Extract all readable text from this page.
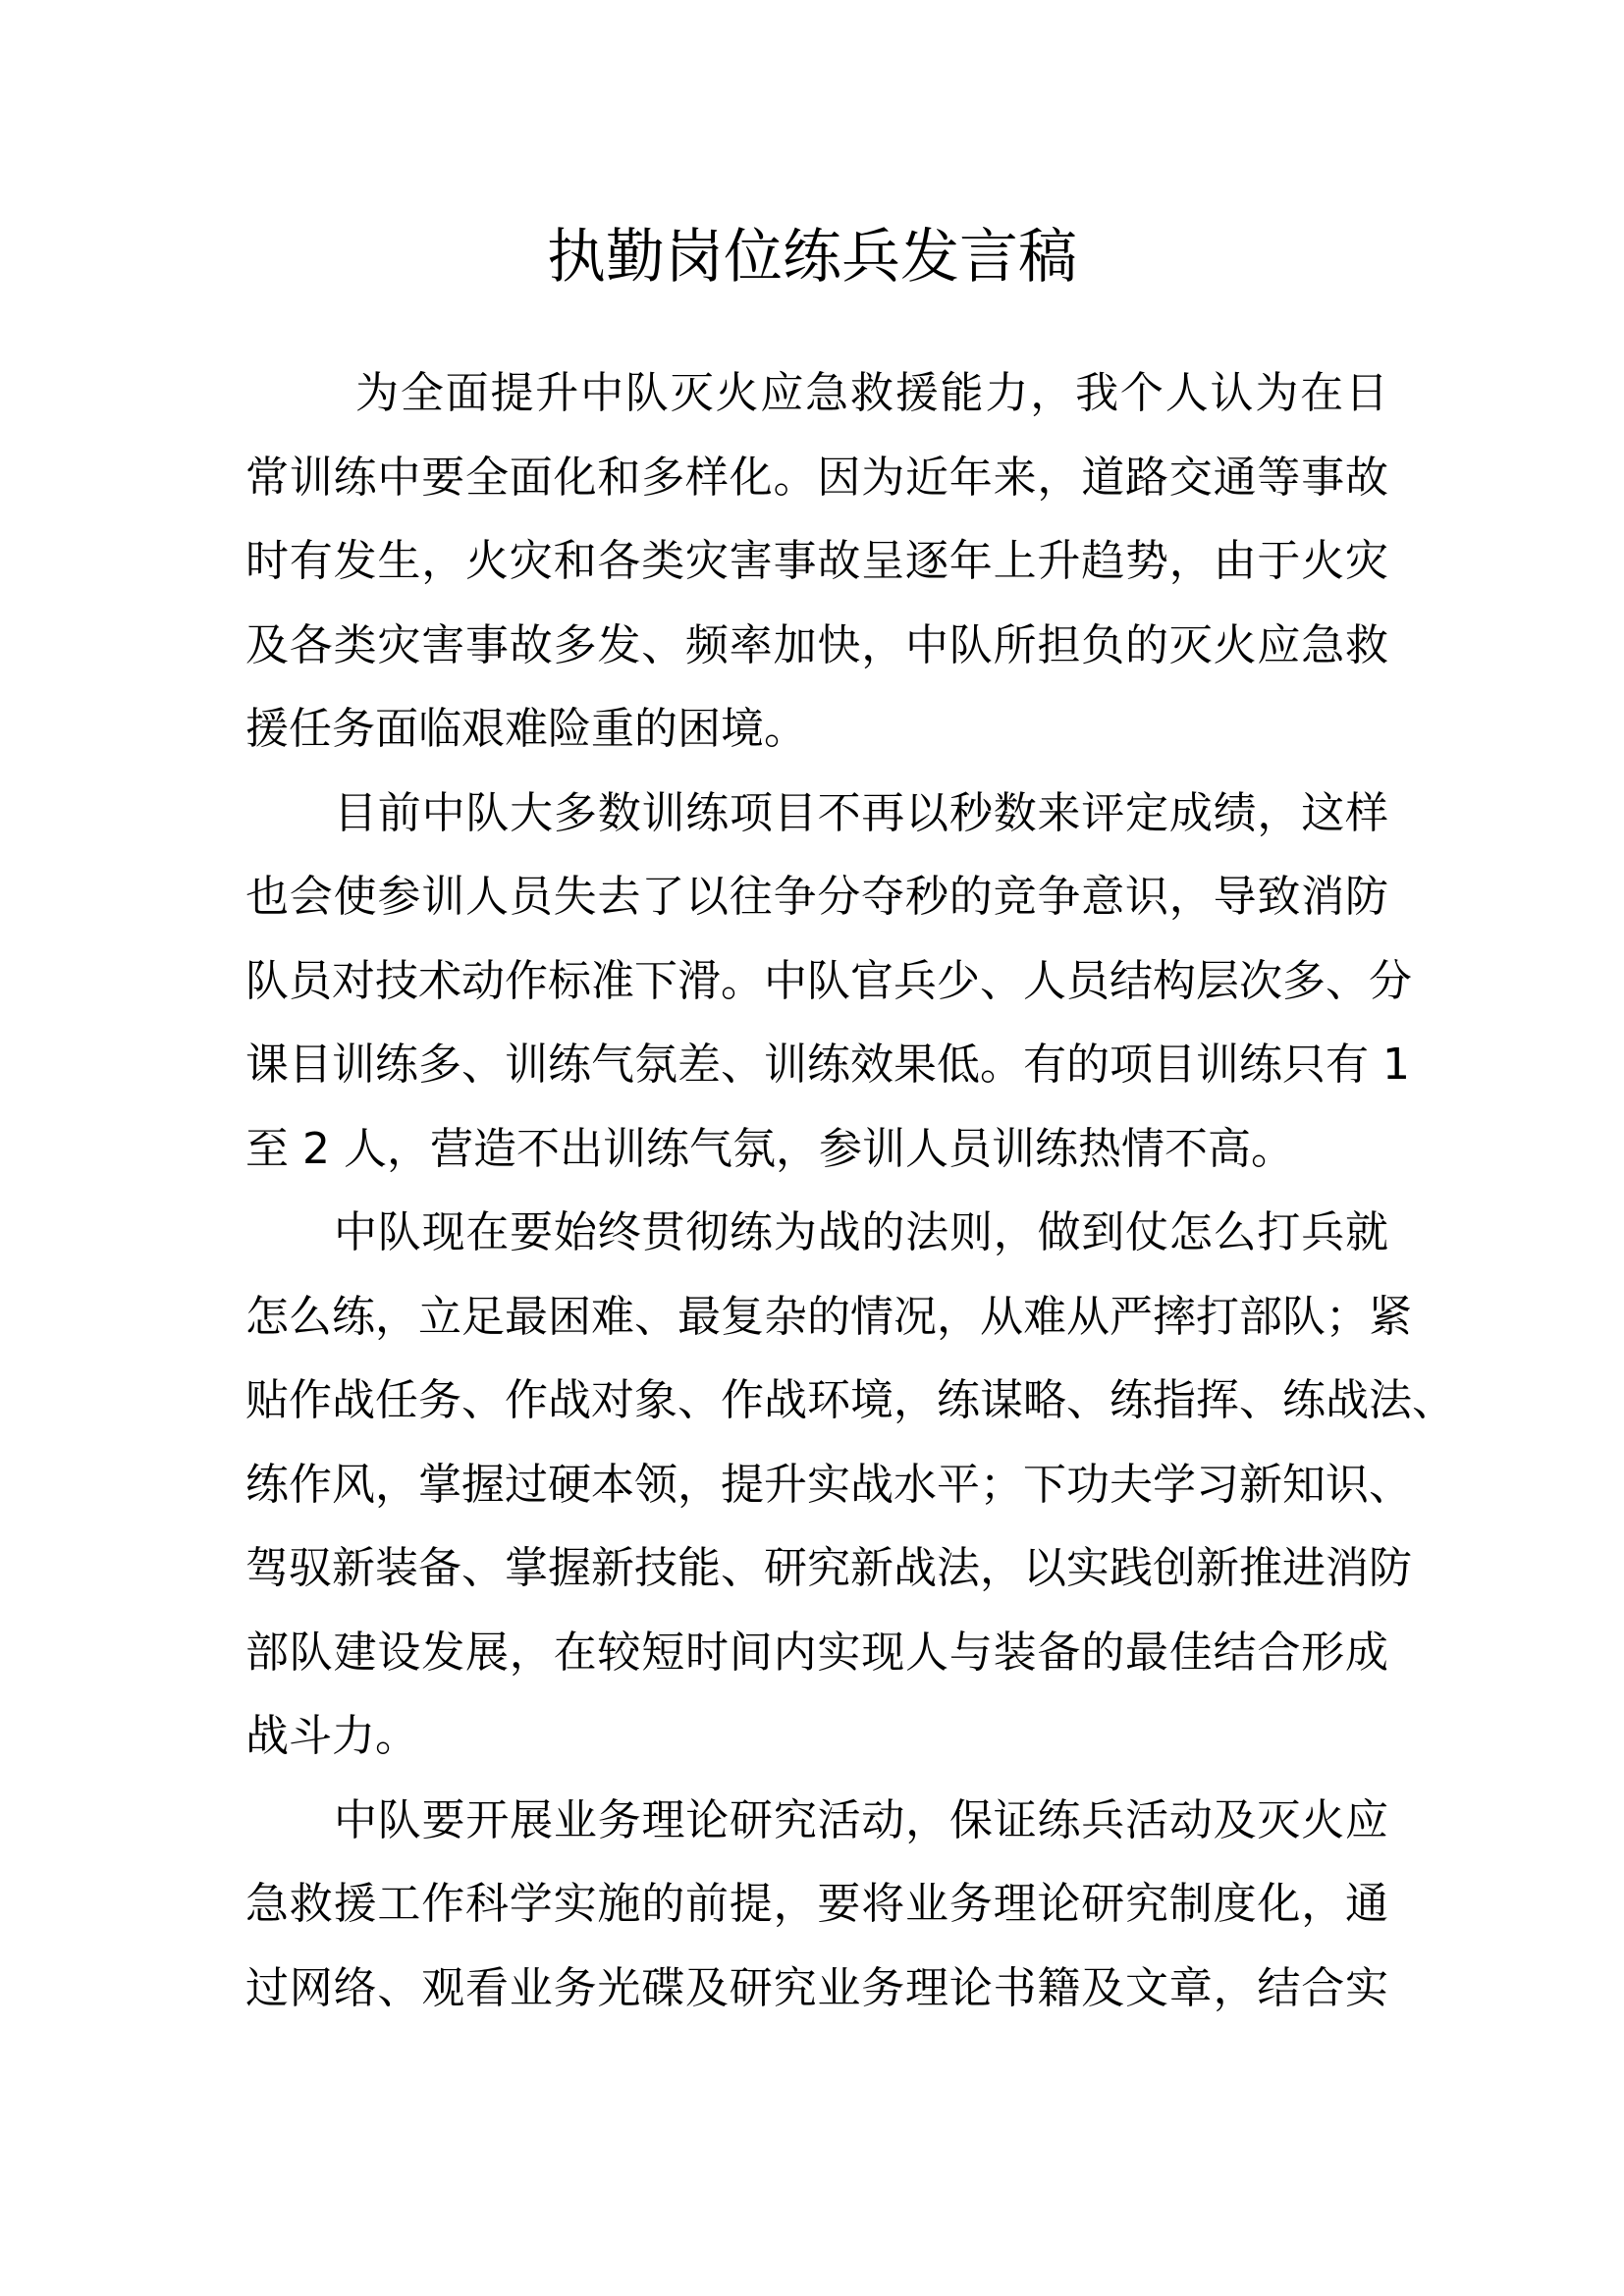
执勤岗位练兵发言稿
为全面提升中队灭火应急救援能力，我个人认为在日
常训练中要全面化和多样化。因为近年来，道路交通等事故
时有发生，火灾和各类灾害事故呈逐年上升趋势，由于火灾
及各类灾害事故多发、频率加快，中队所担负的灭火应急救
援任务面临艰难险重的困境。
目前中队大多数训练项目不再以秒数来评定成绩，这样
也会使参训人员失去了以往争分夺秒的竞争意识，导致消防
队员对技术动作标准下滑。中队官兵少、人员结构层次多、分
课目训练多、训练气氛差、训练效果低。有的项目训练只有 1
至 2 人，营造不出训练气氛，参训人员训练热情不高。
中队现在要始终贯彻练为战的法则，做到仗怎么打兵就
怎么练，立足最困难、最复杂的情况，从难从严摔打部队；紧
贴作战任务、作战对象、作战环境，练谋略、练指挥、练战法、
练作风，掌握过硬本领，提升实战水平；下功夫学习新知识、
驾驭新装备、掌握新技能、研究新战法，以实践创新推进消防
部队建设发展，在较短时间内实现人与装备的最佳结合形成
战斗力。
中队要开展业务理论研究活动，保证练兵活动及灭火应
急救援工作科学实施的前提，要将业务理论研究制度化，通
过网络、观看业务光碟及研究业务理论书籍及文章，结合实
